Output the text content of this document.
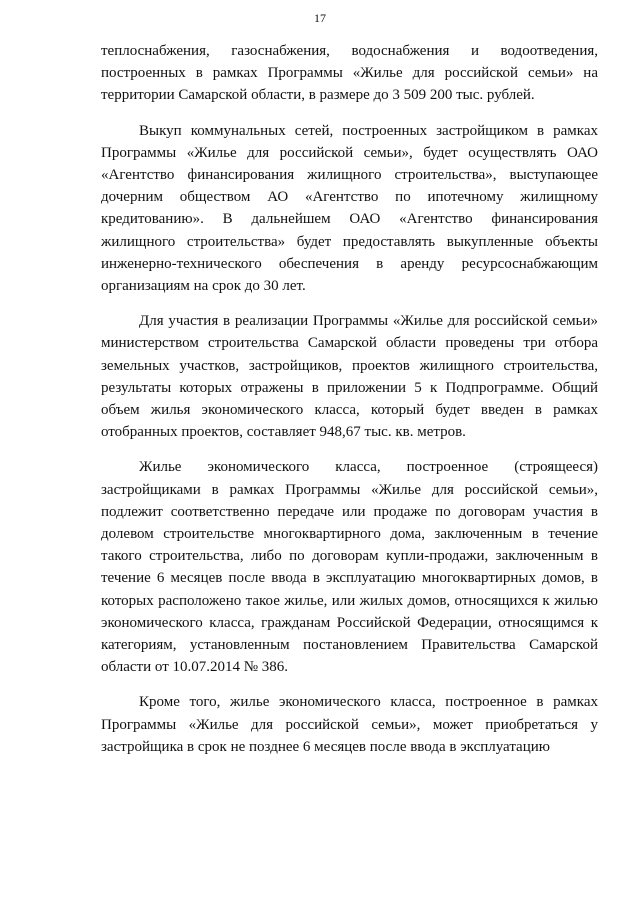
17

теплоснабжения, газоснабжения, водоснабжения и водоотведения, построенных в рамках Программы «Жилье для российской семьи» на территории Самарской области, в размере до 3 509 200 тыс. рублей.

Выкуп коммунальных сетей, построенных застройщиком в рамках Программы «Жилье для российской семьи», будет осуществлять ОАО «Агентство финансирования жилищного строительства», выступающее дочерним обществом АО «Агентство по ипотечному жилищному кредитованию». В дальнейшем ОАО «Агентство финансирования жилищного строительства» будет предоставлять выкупленные объекты инженерно-технического обеспечения в аренду ресурсоснабжающим организациям на срок до 30 лет.

Для участия в реализации Программы «Жилье для российской семьи» министерством строительства Самарской области проведены три отбора земельных участков, застройщиков, проектов жилищного строительства, результаты которых отражены в приложении 5 к Подпрограмме. Общий объем жилья экономического класса, который будет введен в рамках отобранных проектов, составляет 948,67 тыс. кв. метров.

Жилье экономического класса, построенное (строящееся) застройщиками в рамках Программы «Жилье для российской семьи», подлежит соответственно передаче или продаже по договорам участия в долевом строительстве многоквартирного дома, заключенным в течение такого строительства, либо по договорам купли-продажи, заключенным в течение 6 месяцев после ввода в эксплуатацию многоквартирных домов, в которых расположено такое жилье, или жилых домов, относящихся к жилью экономического класса, гражданам Российской Федерации, относящимся к категориям, установленным постановлением Правительства Самарской области от 10.07.2014 № 386.

Кроме того, жилье экономического класса, построенное в рамках Программы «Жилье для российской семьи», может приобретаться у застройщика в срок не позднее 6 месяцев после ввода в эксплуатацию
